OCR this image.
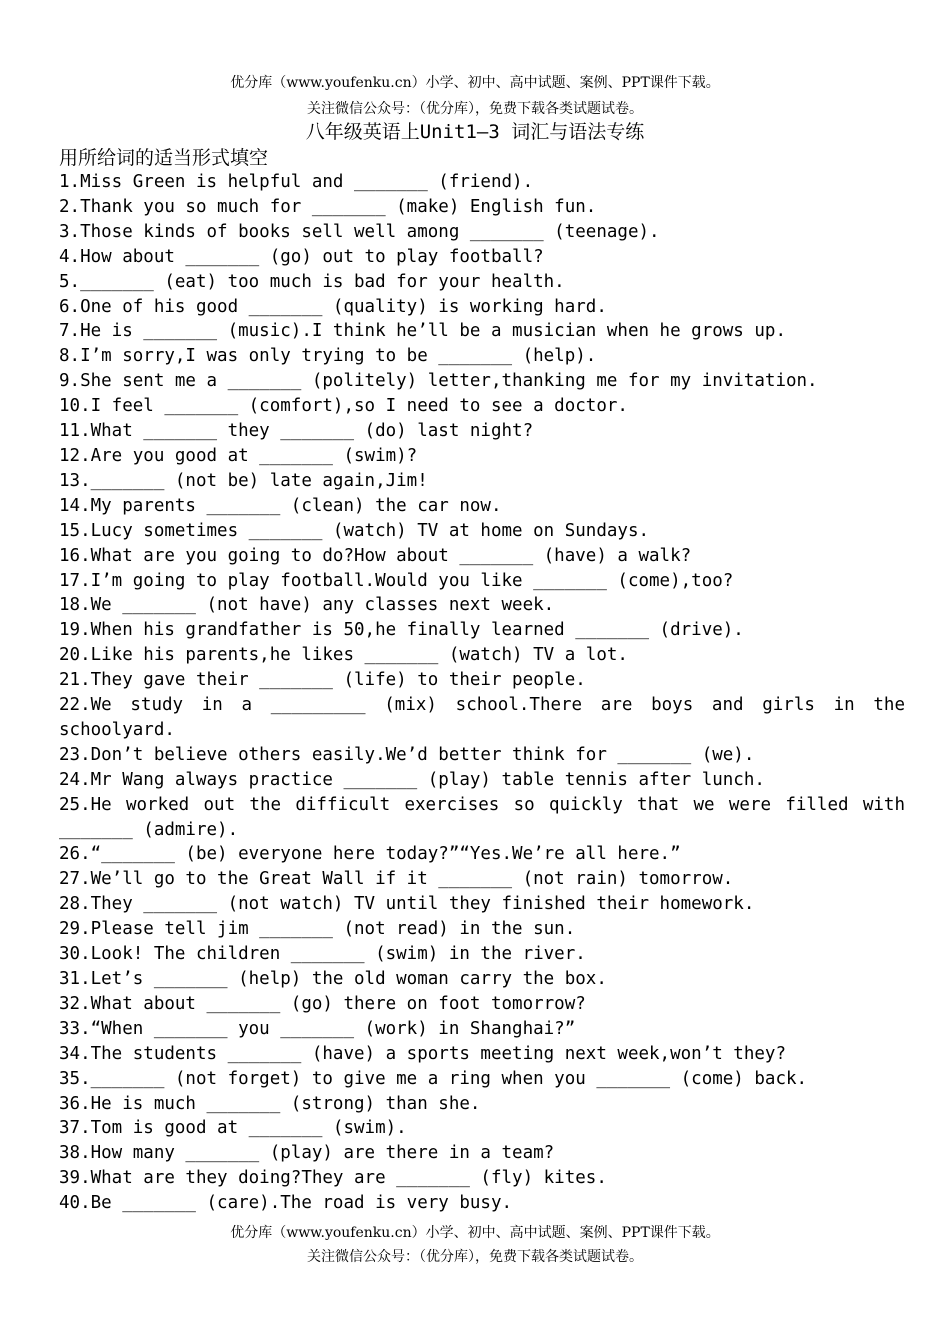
优分库（www.youfenku.cn）小学、初中、高中试题、案例、PPT课件下载。
关注微信公众号：（优分库），免费下载各类试题试卷。
八年级英语上Unit1—3 词汇与语法专练
用所给词的适当形式填空

1.Miss Green is helpful and _______ (friend).

2.Thank you so much for _______ (make) English fun.

3.Those kinds of books sell well among _______ (teenage).

4.How about _______ (go) out to play football?

5._______ (eat) too much is bad for your health.

6.One of his good _______ (quality) is working hard.

7.He is _______ (music).I think he’ll be a musician when he grows up.

8.I’m sorry,I was only trying to be _______ (help).

9.She sent me a _______ (politely) letter,thanking me for my invitation.

10.I feel _______ (comfort),so I need to see a doctor.

11.What _______ they _______ (do) last night?

12.Are you good at _______ (swim)?

13._______ (not be) late again,Jim!

14.My parents _______ (clean) the car now.

15.Lucy sometimes _______ (watch) TV at home on Sundays.

16.What are you going to do?How about _______ (have) a walk?

17.I’m going to play football.Would you like _______ (come),too?

18.We _______ (not have) any classes next week.

19.When his grandfather is 50,he finally learned _______ (drive).

20.Like his parents,he likes _______ (watch) TV a lot.

21.They gave their _______ (life) to their people.

22.We study in a _________ (mix) school.There are boys and girls in the schoolyard.

23.Don’t believe others easily.We’d better think for _______ (we).

24.Mr Wang always practice _______ (play) table tennis after lunch.

25.He worked out the difficult exercises so quickly that we were filled with _______ (admire).

26.“_______ (be) everyone here today?”“Yes.We’re all here.”

27.We’ll go to the Great Wall if it _______ (not rain) tomorrow.

28.They _______ (not watch) TV until they finished their homework.

29.Please tell jim _______ (not read) in the sun.

30.Look! The children _______ (swim) in the river.

31.Let’s _______ (help) the old woman carry the box.

32.What about _______ (go) there on foot tomorrow?

33.“When _______ you _______ (work) in Shanghai?”

34.The students _______ (have) a sports meeting next week,won’t they?

35._______ (not forget) to give me a ring when you _______ (come) back.

36.He is much _______ (strong) than she.

37.Tom is good at _______ (swim).

38.How many _______ (play) are there in a team?

39.What are they doing?They are _______ (fly) kites.

40.Be _______ (care).The road is very busy.

优分库（www.youfenku.cn）小学、初中、高中试题、案例、PPT课件下载。
关注微信公众号：（优分库），免费下载各类试题试卷。
